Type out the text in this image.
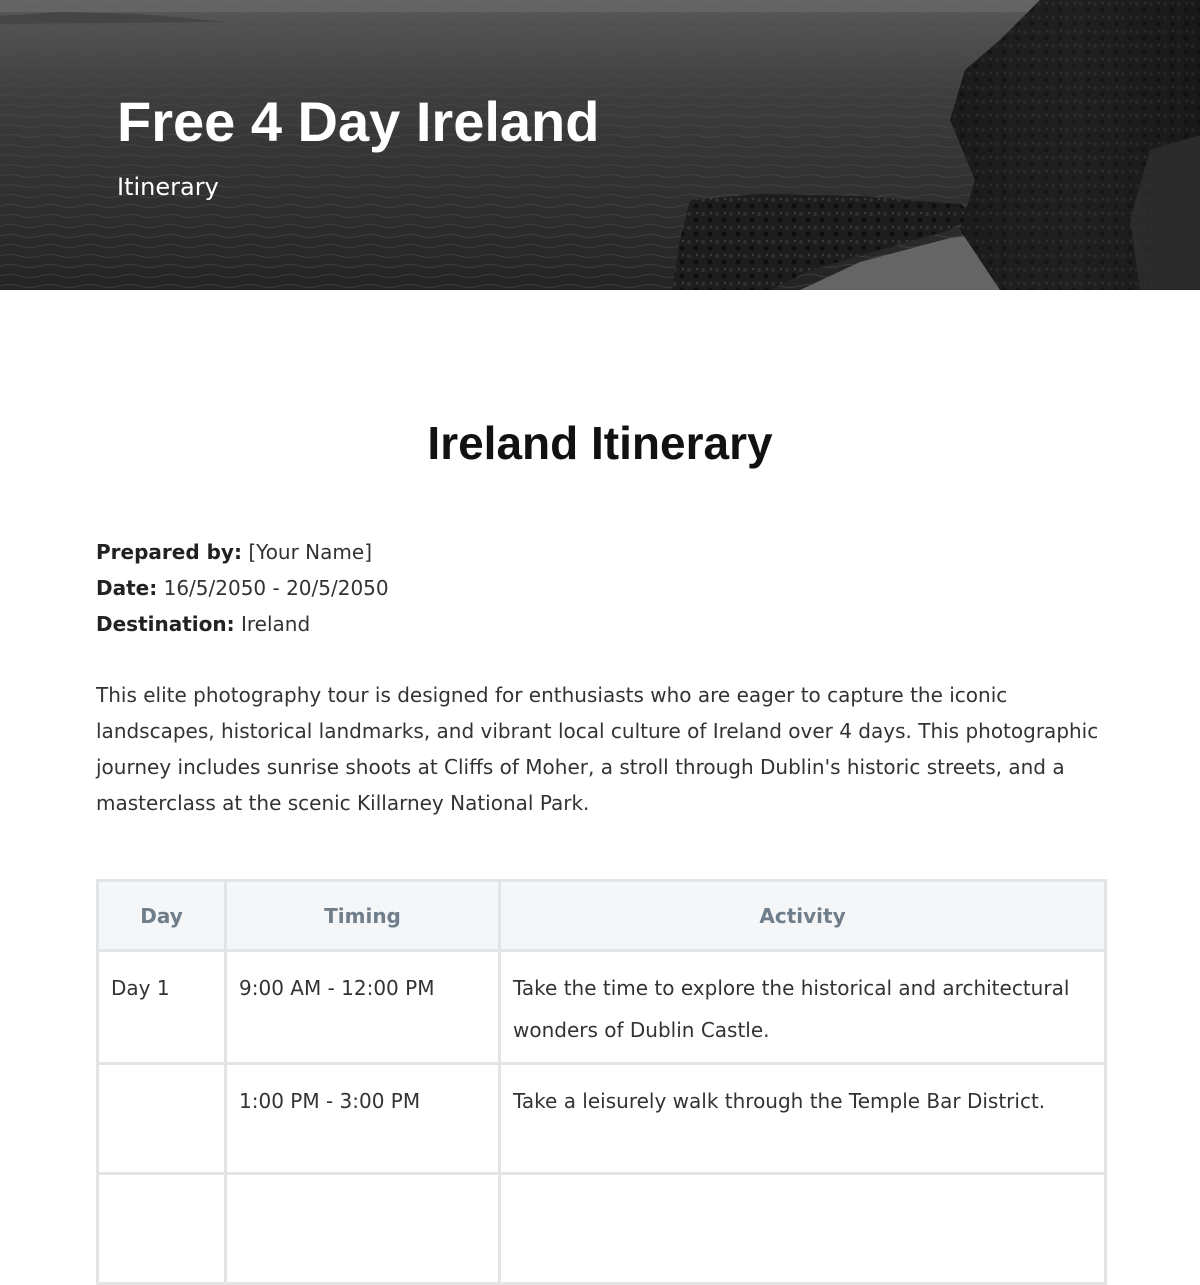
Free 4 Day Ireland
Itinerary
Ireland Itinerary
Prepared by: [Your Name]
Date: 16/5/2050 - 20/5/2050
Destination: Ireland

This elite photography tour is designed for enthusiasts who are eager to capture the iconic landscapes, historical landmarks, and vibrant local culture of Ireland over 4 days. This photographic journey includes sunrise shoots at Cliffs of Moher, a stroll through Dublin's historic streets, and a masterclass at the scenic Killarney National Park.

Day	Timing	Activity
Day 1	9:00 AM - 12:00 PM	Take the time to explore the historical and architectural wonders of Dublin Castle.
	1:00 PM - 3:00 PM	Take a leisurely walk through the Temple Bar District.
